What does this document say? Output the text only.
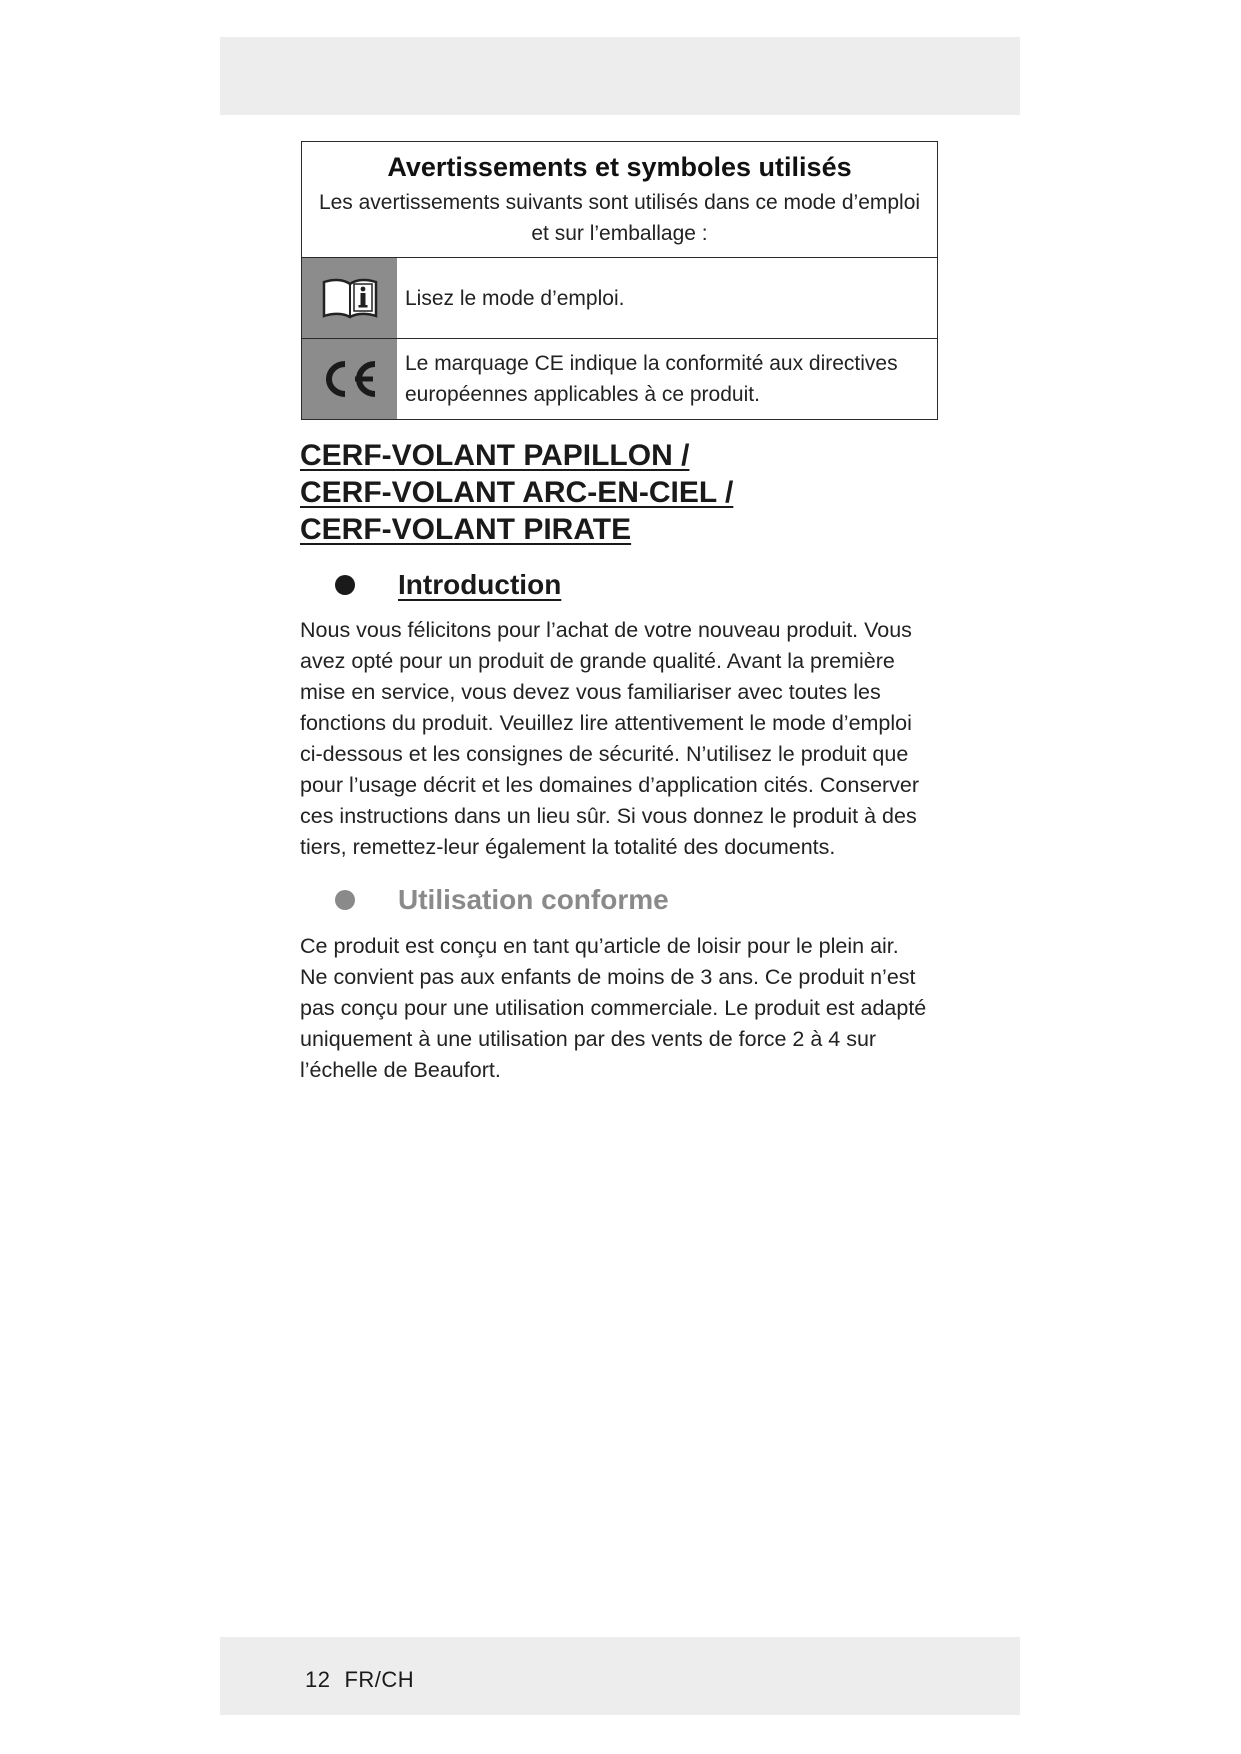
Avertissements et symboles utilisés
Les avertissements suivants sont utilisés dans ce mode d’emploi
et sur l’emballage :
Lisez le mode d’emploi.
Le marquage CE indique la conformité aux directives
européennes applicables à ce produit.
CERF-VOLANT PAPILLON /
CERF-VOLANT ARC-EN-CIEL /
CERF-VOLANT PIRATE
Introduction
Nous vous félicitons pour l’achat de votre nouveau produit. Vous
avez opté pour un produit de grande qualité. Avant la première
mise en service, vous devez vous familiariser avec toutes les
fonctions du produit. Veuillez lire attentivement le mode d’emploi
ci-dessous et les consignes de sécurité. N’utilisez le produit que
pour l’usage décrit et les domaines d’application cités. Conserver
ces instructions dans un lieu sûr. Si vous donnez le produit à des
tiers, remettez-leur également la totalité des documents.
Utilisation conforme
Ce produit est conçu en tant qu’article de loisir pour le plein air.
Ne convient pas aux enfants de moins de 3 ans. Ce produit n’est
pas conçu pour une utilisation commerciale. Le produit est adapté
uniquement à une utilisation par des vents de force 2 à 4 sur
l’échelle de Beaufort.
12 FR/CH
